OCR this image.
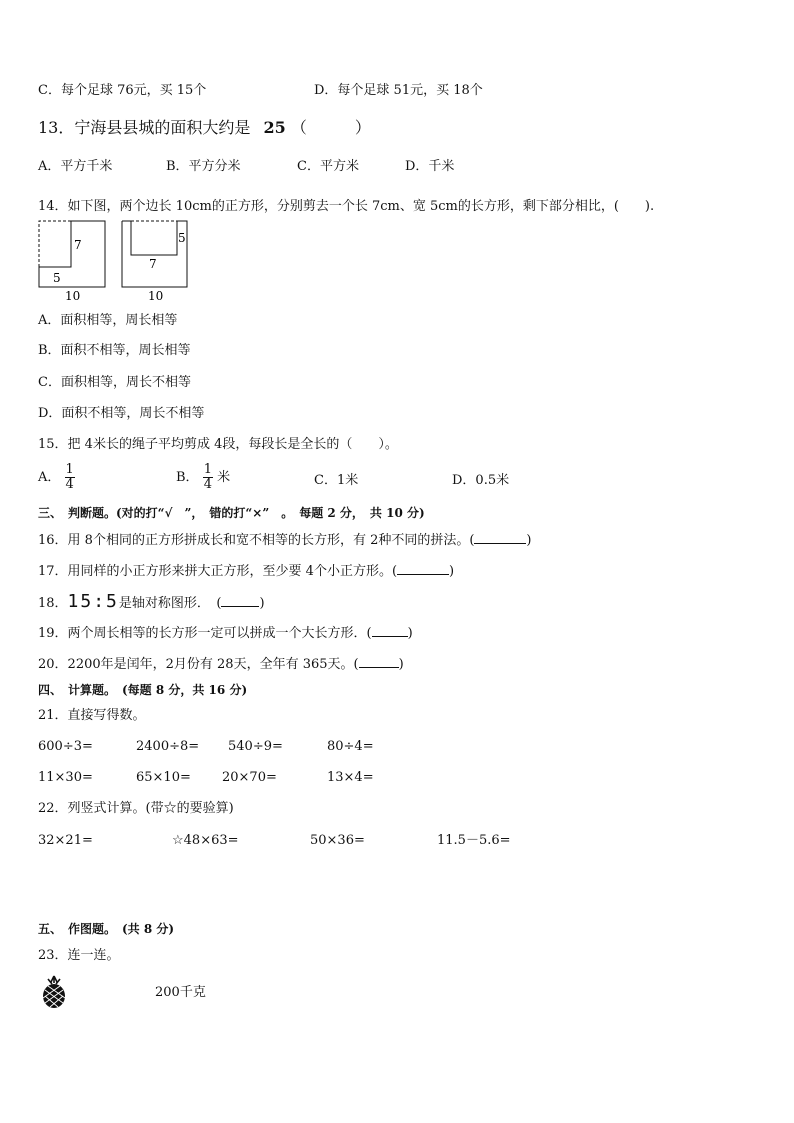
C．每个足球 76元，买 15个	D．每个足球 51元，买 18个
13．宁海县县城的面积大约是 25 （　　　）
A．平方千米	B．平方分米	C．平方米	D．千米
14．如下图，两个边长 10cm的正方形，分别剪去一个长 7cm、宽 5cm的长方形，剩下部分相比，(　　).
7
5
10
5
7
10
A．面积相等，周长相等
B．面积不相等，周长相等
C．面积相等，周长不相等
D．面积不相等，周长不相等
15．把 4米长的绳子平均剪成 4段，每段长是全长的（　　）。
A． $\frac{1}{4}$	B． $\frac{1}{4}$ 米	C．1米	D．0.5米
三、　判断题。(对的打“√　”，　错的打“×”　。　每题 2 分，　共 10 分)
16．用 8个相同的正方形拼成长和宽不相等的长方形，有 2种不同的拼法。(	)
17．用同样的小正方形来拼大正方形，至少要 4个小正方形。(	)
18．15:5是轴对称图形．　(	)
19．两个周长相等的长方形一定可以拼成一个大长方形．(	)
20．2200年是闰年，2月份有 28天，全年有 365天。(	)
四、　计算题。　(每题 8 分，共 16 分)
21．直接写得数。
600÷3=	2400÷8= 540÷9=	80÷4=
11×30=	65×10= 20×70=	13×4=
22．列竖式计算。(带☆的要验算)
32×21=	☆48×63=	50×36=	11.5－5.6=
五、　作图题。　(共 8 分)
23．连一连。
200千克
